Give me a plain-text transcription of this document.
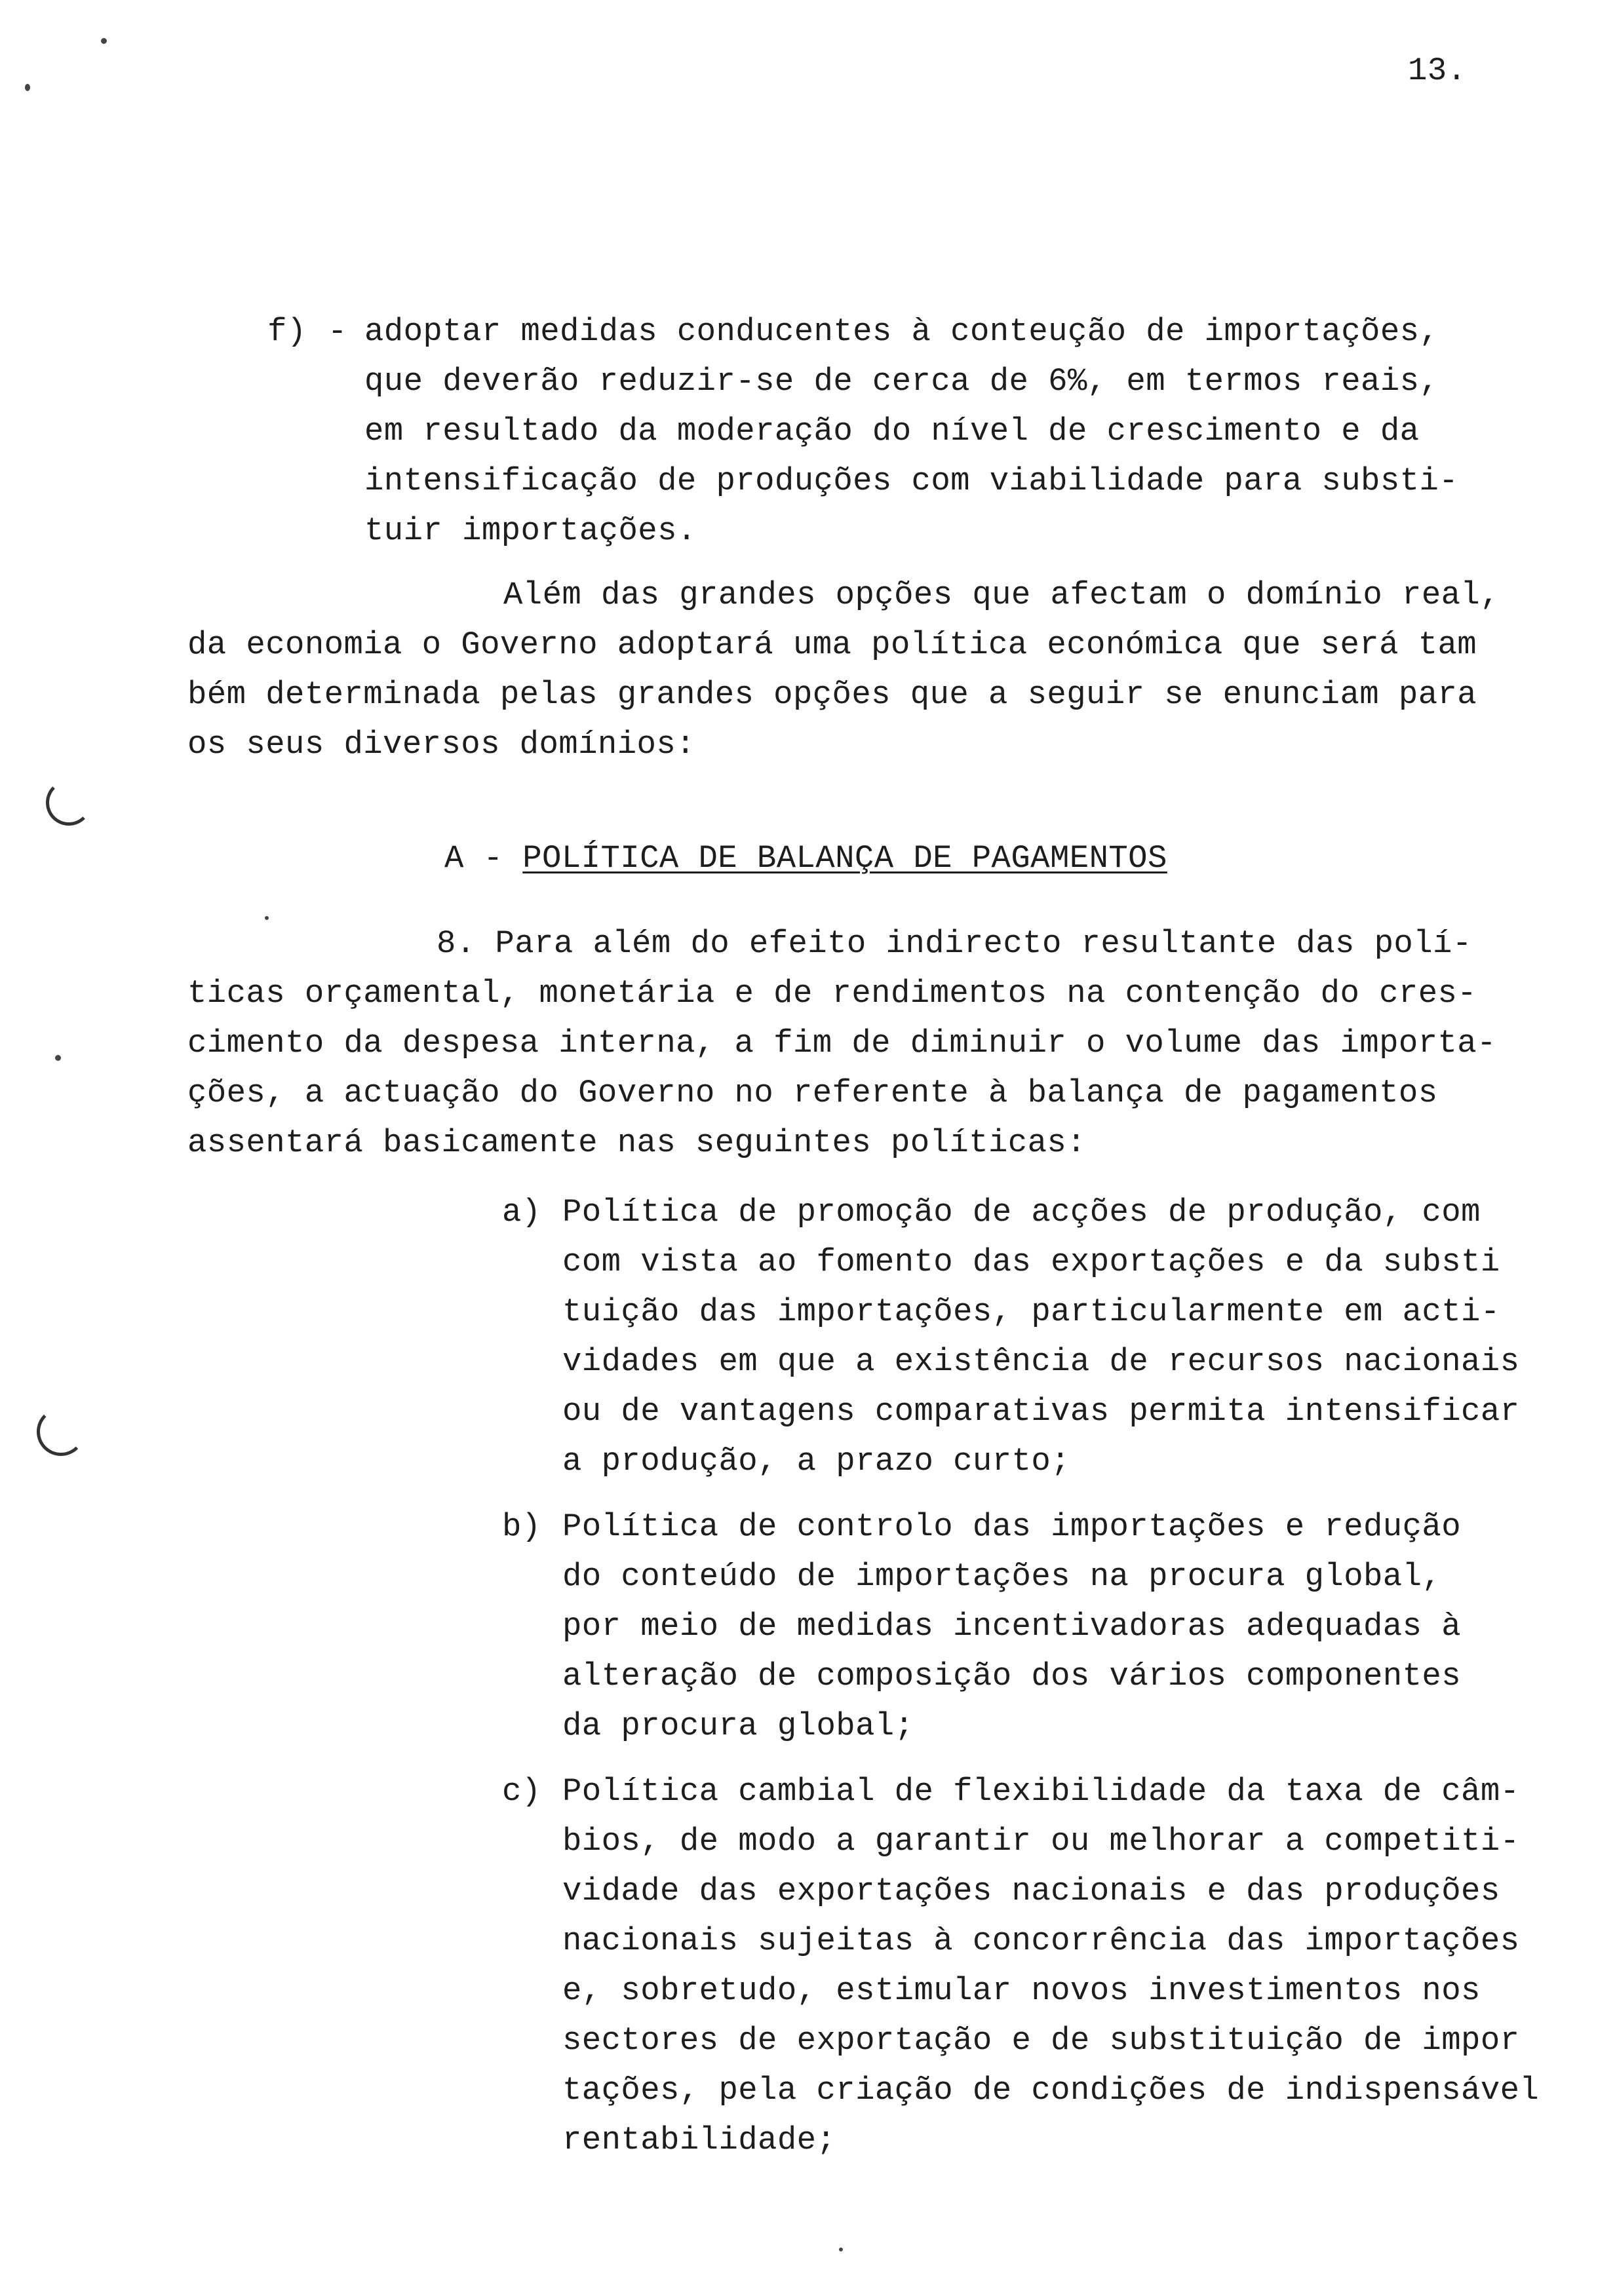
13.
f) - adoptar medidas conducentes à conteução de importações,
que deverão reduzir-se de cerca de 6%, em termos reais,
em resultado da moderação do nível de crescimento e da
intensificação de produções com viabilidade para substi-
tuir importações.
Além das grandes opções que afectam o domínio real,
da economia o Governo adoptará uma política económica que será tam
bém determinada pelas grandes opções que a seguir se enunciam para
os seus diversos domínios:
A - POLÍTICA DE BALANÇA DE PAGAMENTOS
8. Para além do efeito indirecto resultante das polí-
ticas orçamental, monetária e de rendimentos na contenção do cres-
cimento da despesa interna, a fim de diminuir o volume das importa-
ções, a actuação do Governo no referente à balança de pagamentos
assentará basicamente nas seguintes políticas:
a) Política de promoção de acções de produção, com
com vista ao fomento das exportações e da substi
tuição das importações, particularmente em acti-
vidades em que a existência de recursos nacionais
ou de vantagens comparativas permita intensificar
a produção, a prazo curto;
b) Política de controlo das importações e redução
do conteúdo de importações na procura global,
por meio de medidas incentivadoras adequadas à
alteração de composição dos vários componentes
da procura global;
c) Política cambial de flexibilidade da taxa de câm-
bios, de modo a garantir ou melhorar a competiti-
vidade das exportações nacionais e das produções
nacionais sujeitas à concorrência das importações
e, sobretudo, estimular novos investimentos nos
sectores de exportação e de substituição de impor
tações, pela criação de condições de indispensável
rentabilidade;
